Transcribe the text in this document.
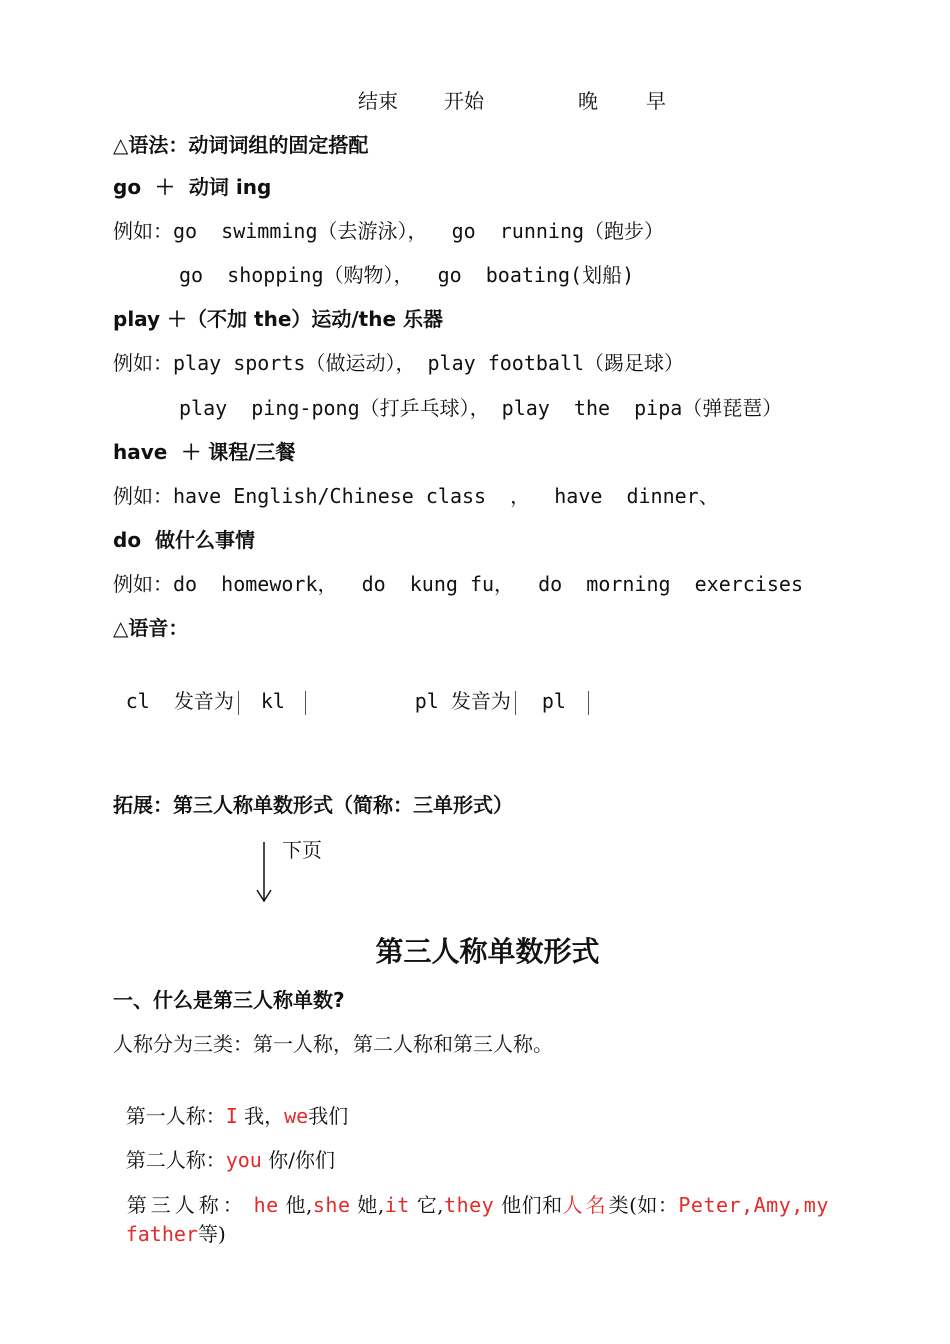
结束 开始	晚 早
△语法：动词词组的固定搭配
go  ＋  动词 ing
例如：go  swimming（去游泳），  go  running（跑步）
go  shopping（购物），  go  boating(划船)
play ＋（不加 the）运动/the 乐器
例如：play sports（做运动）， play football（踢足球）
play  ping-pong（打乒乓球）， play  the  pipa（弹琵琶）
have  ＋ 课程/三餐
例如：have English/Chinese class  ，  have  dinner、
do  做什么事情
例如：do  homework，  do  kung fu，  do  morning  exercises
△语音：

cl  发音为 kl	pl 发音为 pl

拓展：第三人称单数形式（简称：三单形式）
下页
第三人称单数形式
一、什么是第三人称单数?
人称分为三类：第一人称，第二人称和第三人称。

第一人称：I 我，we我们

第二人称：you 你/你们

第三人称： he 他,she 她,it 它,they 他们和人名类(如：Peter,Amy,my

father等)
